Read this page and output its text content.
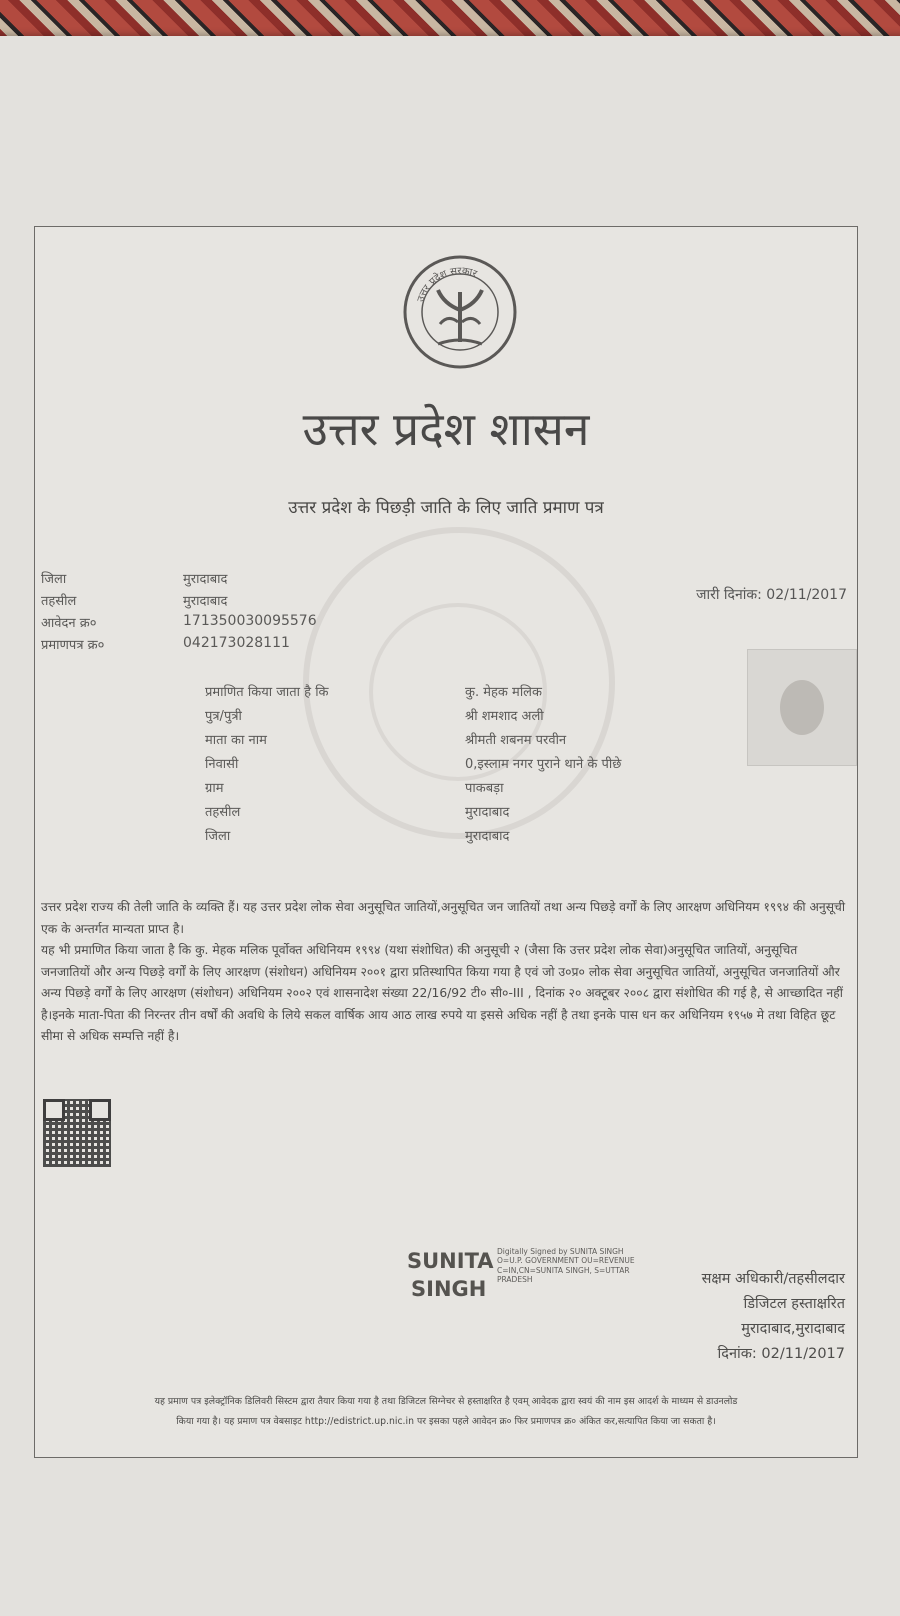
उत्तर प्रदेश सरकार
उत्तर प्रदेश शासन
उत्तर प्रदेश के पिछड़ी जाति के लिए जाति प्रमाण पत्र
जिला	मुरादाबाद
तहसील	मुरादाबाद
आवेदन क्र०	171350030095576
प्रमाणपत्र क्र०	042173028111
जारी दिनांक: 02/11/2017
प्रमाणित किया जाता है कि	कु. मेहक मलिक
पुत्र/पुत्री	श्री शमशाद अली
माता का नाम	श्रीमती शबनम परवीन
निवासी	0,इस्लाम नगर पुराने थाने के पीछे
ग्राम	पाकबड़ा
तहसील	मुरादाबाद
जिला	मुरादाबाद

उत्तर प्रदेश राज्य की तेली जाति के व्यक्ति हैं। यह उत्तर प्रदेश लोक सेवा अनुसूचित जातियों,अनुसूचित जन जातियों तथा अन्य पिछड़े वर्गों के लिए आरक्षण अधिनियम १९९४ की अनुसूची एक के अन्तर्गत मान्यता प्राप्त है।

यह भी प्रमाणित किया जाता है कि कु. मेहक मलिक पूर्वोक्त अधिनियम १९९४ (यथा संशोधित) की अनुसूची २ (जैसा कि उत्तर प्रदेश लोक सेवा)अनुसूचित जातियों, अनुसूचित जनजातियों और अन्य पिछड़े वर्गों के लिए आरक्षण (संशोधन) अधिनियम २००१ द्वारा प्रतिस्थापित किया गया है एवं जो उ०प्र० लोक सेवा अनुसूचित जातियों, अनुसूचित जनजातियों और अन्य पिछड़े वर्गों के लिए आरक्षण (संशोधन) अधिनियम २००२ एवं शासनादेश संख्या 22/16/92 टी० सी०-III , दिनांक २० अक्टूबर २००८ द्वारा संशोधित की गई है, से आच्छादित नहीं है।इनके माता-पिता की निरन्तर तीन वर्षों की अवधि के लिये सकल वार्षिक आय आठ लाख रुपये या इससे अधिक नहीं है तथा इनके पास धन कर अधिनियम १९५७ मे तथा विहित छूट सीमा से अधिक सम्पत्ति नहीं है।

SUNITA
SINGH
Digitally Signed by SUNITA SINGH O=U.P. GOVERNMENT OU=REVENUE C=IN,CN=SUNITA SINGH, S=UTTAR PRADESH	सक्षम अधिकारी/तहसीलदार
डिजिटल हस्ताक्षरित
मुरादाबाद,मुरादाबाद
दिनांक: 02/11/2017

यह प्रमाण पत्र इलेक्ट्रॉनिक डिलिवरी सिस्टम द्वारा तैयार किया गया है तथा डिजिटल सिग्नेचर से हस्ताक्षरित है एवम् आवेदक द्वारा स्वयं की नाम इस आदर्श के माध्यम से डाउनलोड

किया गया है। यह प्रमाण पत्र वेबसाइट http://edistrict.up.nic.in पर इसका पहले आवेदन क्र० फिर प्रमाणपत्र क्र० अंकित कर,सत्यापित किया जा सकता है।
